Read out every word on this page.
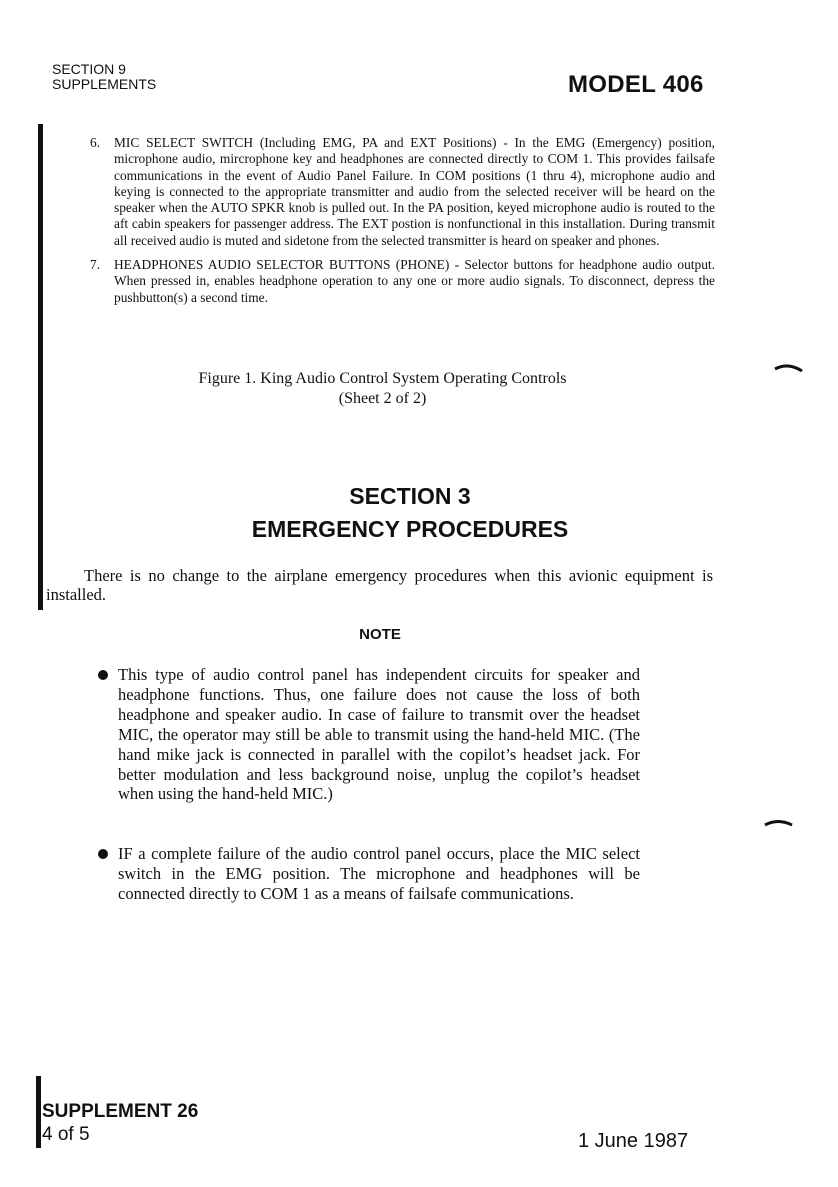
SECTION 9
SUPPLEMENTS	MODEL 406
6.	MIC SELECT SWITCH (Including EMG, PA and EXT Positions) - In the EMG (Emergency) position, microphone audio, mircrophone key and headphones are connected directly to COM 1. This provides failsafe communications in the event of Audio Panel Failure. In COM positions (1 thru 4), microphone audio and keying is connected to the appropriate transmitter and audio from the selected receiver will be heard on the speaker when the AUTO SPKR knob is pulled out. In the PA position, keyed microphone audio is routed to the aft cabin speakers for passenger address. The EXT postion is nonfunctional in this installation. During transmit all received audio is muted and sidetone from the selected transmitter is heard on speaker and phones.
7.	HEADPHONES AUDIO SELECTOR BUTTONS (PHONE) - Selector buttons for headphone audio output. When pressed in, enables headphone operation to any one or more audio signals. To disconnect, depress the pushbutton(s) a second time.
Figure 1. King Audio Control System Operating Controls
(Sheet 2 of 2)
SECTION 3
EMERGENCY PROCEDURES
There is no change to the airplane emergency procedures when this avionic equipment is installed.
NOTE
This type of audio control panel has independent circuits for speaker and headphone functions. Thus, one failure does not cause the loss of both headphone and speaker audio. In case of failure to transmit over the headset MIC, the operator may still be able to transmit using the hand-held MIC. (The hand mike jack is connected in parallel with the copilot’s headset jack. For better modulation and less background noise, unplug the copilot’s headset when using the hand-held MIC.)
IF a complete failure of the audio control panel occurs, place the MIC select switch in the EMG position. The microphone and headphones will be connected directly to COM 1 as a means of failsafe communications.
SUPPLEMENT 26
4 of 5	1 June 1987
